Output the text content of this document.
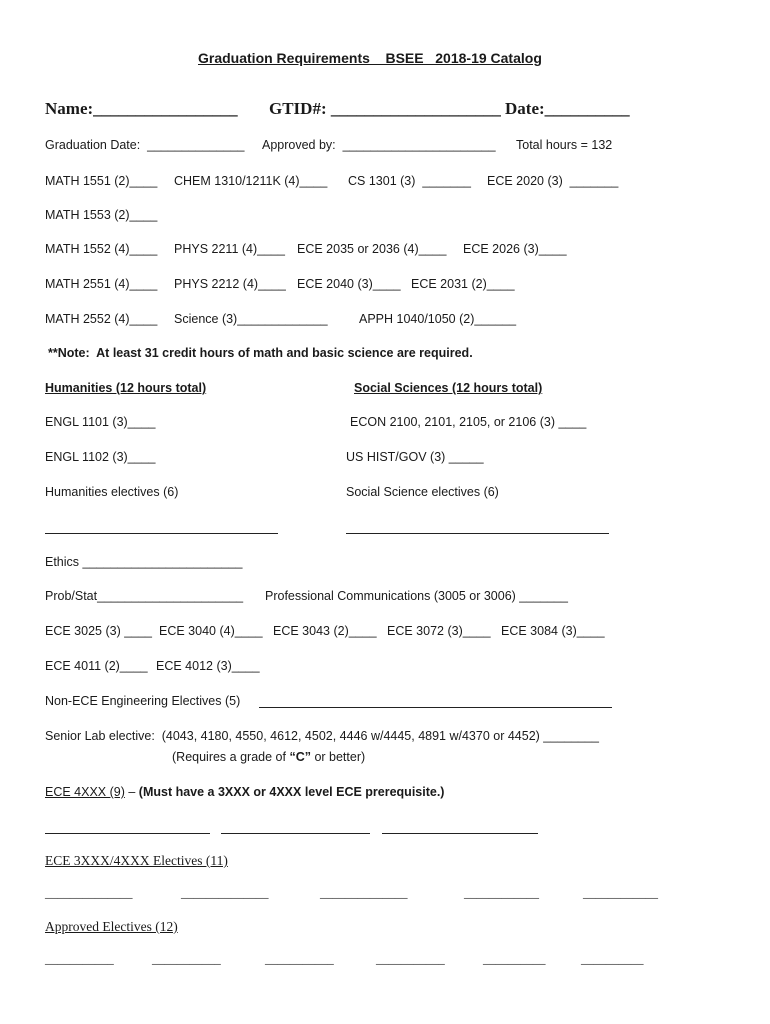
Graduation Requirements    BSEE   2018-19 Catalog
Name:_________________ GTID#: ____________________ Date:__________
Graduation Date:  ______________ Approved by:  ______________________ Total hours = 132
MATH 1551 (2)____ CHEM 1310/1211K (4)____ CS 1301 (3)  _______ ECE 2020 (3)  _______
MATH 1553 (2)____
MATH 1552 (4)____ PHYS 2211 (4)____ ECE 2035 or 2036 (4)____ ECE 2026 (3)____
MATH 2551 (4)____ PHYS 2212 (4)____ ECE 2040 (3)____ ECE 2031 (2)____
MATH 2552 (4)____ Science (3)_____________	APPH 1040/1050 (2)______
**Note:  At least 31 credit hours of math and basic science are required.
Humanities (12 hours total)	Social Sciences (12 hours total)
ENGL 1101 (3)____	ECON 2100, 2101, 2105, or 2106 (3) ____
ENGL 1102 (3)____	US HIST/GOV (3) _____
Humanities electives (6)	Social Science electives (6)
Ethics _______________________
Prob/Stat_____________________ Professional Communications (3005 or 3006) _______
ECE 3025 (3) ____ ECE 3040 (4)____ ECE 3043 (2)____ ECE 3072 (3)____ ECE 3084 (3)____
ECE 4011 (2)____ ECE 4012 (3)____
Non-ECE Engineering Electives (5)
Senior Lab elective:  (4043, 4180, 4550, 4612, 4502, 4446 w/4445, 4891 w/4370 or 4452) ________
(Requires a grade of “C” or better)
ECE 4XXX (9) – (Must have a 3XXX or 4XXX level ECE prerequisite.)
ECE 3XXX/4XXX Electives (11)
______________	______________	______________	____________	____________
Approved Electives (12)
___________	___________	___________	___________	__________	__________
